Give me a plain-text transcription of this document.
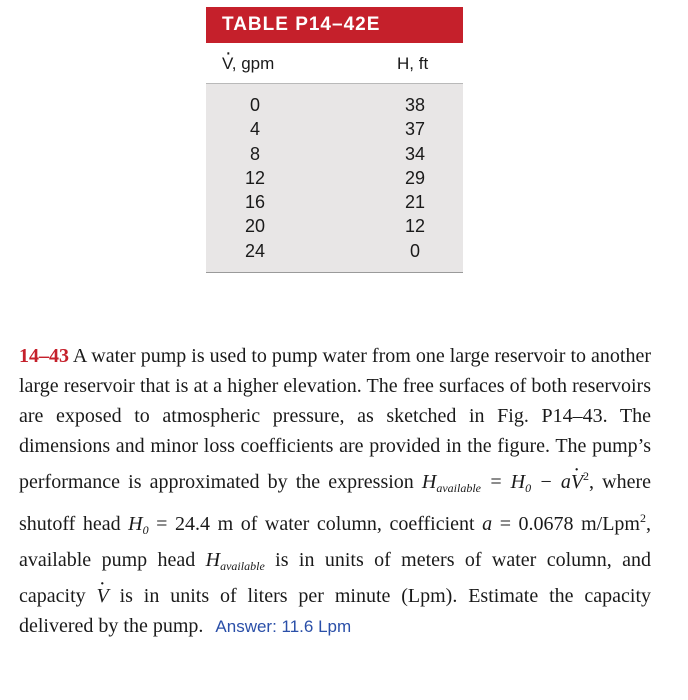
TABLE P14–42E
· V, gpm	H, ft
0	38
4	37
8	34
12	29
16	21
20	12
24	0
14–43 A water pump is used to pump water from one large reservoir to another large reservoir that is at a higher elevation. The free surfaces of both reservoirs are exposed to atmospheric pressure, as sketched in Fig. P14–43. The dimensions and minor loss coefficients are provided in the figure. The pump’s performance is approximated by the expression $H_{available} = H_0 - a\cdot V^2$, where shutoff head $H_0 = 24.4$ m of water column, coefficient a = 0.0678 m/Lpm$^2$, available pump head $H_{available}$ is in units of meters of water column, and capacity · V is in units of liters per minute (Lpm). Estimate the capacity delivered by the pump. Answer: 11.6 Lpm
